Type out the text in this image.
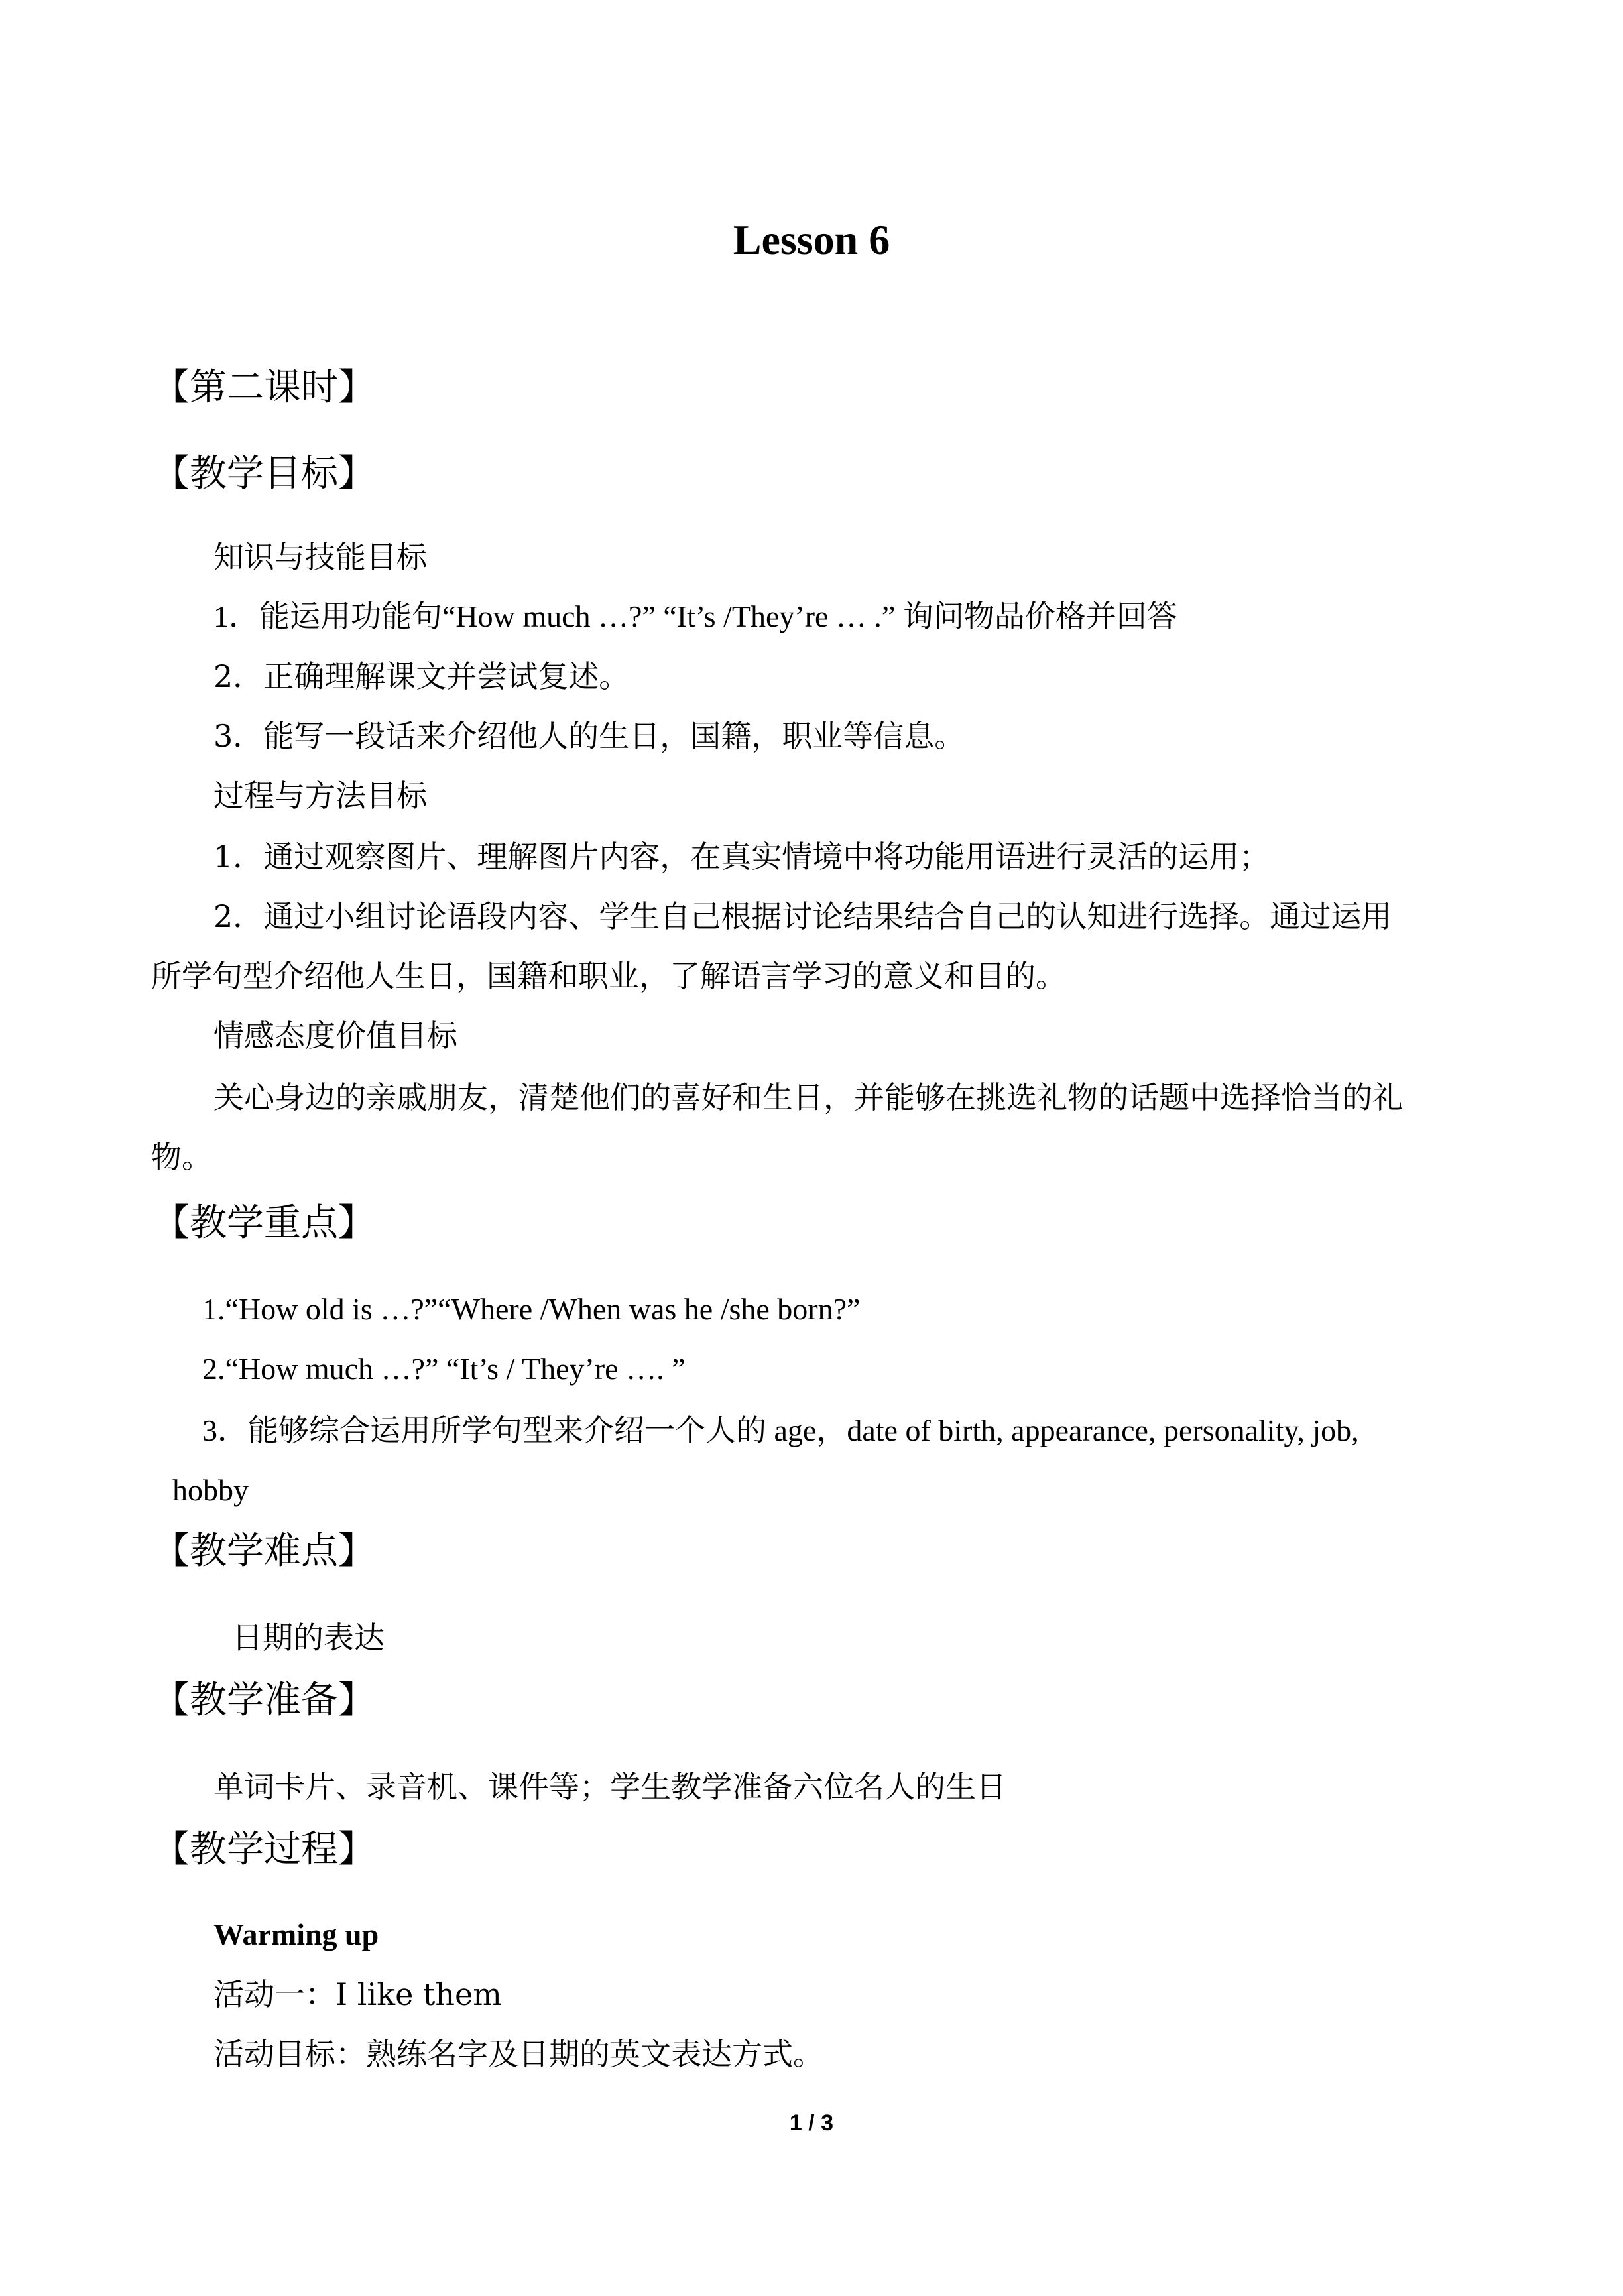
Lesson 6
【第二课时】
【教学目标】
知识与技能目标
1．能运用功能句“How much …?” “It’s /They’re … .” 询问物品价格并回答
2．正确理解课文并尝试复述。
3．能写一段话来介绍他人的生日，国籍，职业等信息。
过程与方法目标
1．通过观察图片、理解图片内容，在真实情境中将功能用语进行灵活的运用；
2．通过小组讨论语段内容、学生自己根据讨论结果结合自己的认知进行选择。通过运用
所学句型介绍他人生日，国籍和职业，了解语言学习的意义和目的。
情感态度价值目标
关心身边的亲戚朋友，清楚他们的喜好和生日，并能够在挑选礼物的话题中选择恰当的礼
物。
【教学重点】
1.“How old is …?”“Where /When was he /she born?”
2.“How much …?” “It’s / They’re …. ”
3．能够综合运用所学句型来介绍一个人的 age，date of birth, appearance, personality, job,
hobby
【教学难点】
日期的表达
【教学准备】
单词卡片、录音机、课件等；学生教学准备六位名人的生日
【教学过程】
Warming up
活动一：I like them
活动目标：熟练名字及日期的英文表达方式。
1 / 3
